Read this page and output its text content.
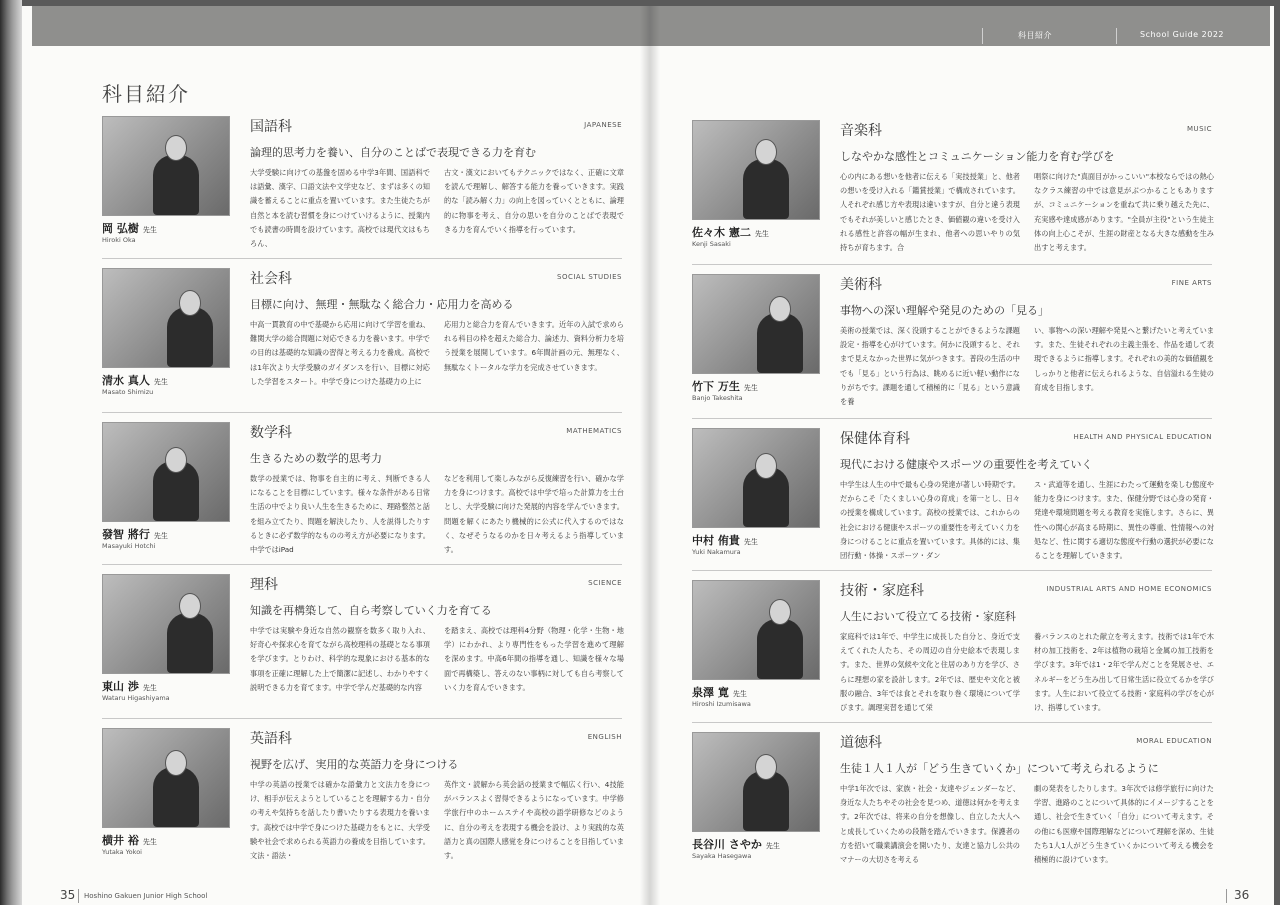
科目紹介
岡 弘樹 先生
Hiroki Oka
国語科	JAPANESE
論理的思考力を養い、自分のことばで表現できる力を育む
大学受験に向けての基盤を固める中学3年間、国語科では語彙、漢字、口語文法や文学史など、まずは多くの知識を蓄えることに重点を置いています。また生徒たちが自然と本を読む習慣を身につけていけるように、授業内でも読書の時間を設けています。高校では現代文はもちろん、
古文・漢文においてもテクニックではなく、正確に文章を読んで理解し、解答する能力を養っていきます。実践的な「読み解く力」の向上を図っていくとともに、論理的に物事を考え、自分の思いを自分のことばで表現できる力を育んでいく指導を行っています。
清水 真人 先生
Masato Shimizu
社会科	SOCIAL STUDIES
目標に向け、無理・無駄なく総合力・応用力を高める
中高一貫教育の中で基礎から応用に向けて学習を重ね、難関大学の総合問題に対応できる力を養います。中学での目的は基礎的な知識の習得と考える力を養成。高校では1年次より大学受験のガイダンスを行い、目標に対応した学習をスタート。中学で身につけた基礎力の上に
応用力と総合力を育んでいきます。近年の入試で求められる科目の枠を超えた総合力、論述力、資料分析力を培う授業を展開しています。6年間計画の元、無理なく、無駄なくトータルな学力を完成させていきます。
發智 將行 先生
Masayuki Hotchi
数学科	MATHEMATICS
生きるための数学的思考力
数学の授業では、物事を自主的に考え、判断できる人になることを目標にしています。様々な条件がある日常生活の中でより良い人生を生きるために、理路整然と話を組み立てたり、問題を解決したり、人を説得したりするときに必ず数学的なものの考え方が必要になります。中学ではiPad
などを利用して楽しみながら反復練習を行い、確かな学力を身につけます。高校では中学で培った計算力を土台とし、大学受験に向けた発展的内容を学んでいきます。問題を解くにあたり機械的に公式に代入するのではなく、なぜそうなるのかを日々考えるよう指導しています。
東山 渉 先生
Wataru Higashiyama
理科	SCIENCE
知識を再構築して、自ら考察していく力を育てる
中学では実験や身近な自然の観察を数多く取り入れ、好奇心や探求心を育てながら高校理科の基礎となる事項を学びます。とりわけ、科学的な現象における基本的な事項を正確に理解した上で簡潔に記述し、わかりやすく説明できる力を育てます。中学で学んだ基礎的な内容
を踏まえ、高校では理科4分野（物理・化学・生物・地学）にわかれ、より専門性をもった学習を進めて理解を深めます。中高6年間の指導を通し、知識を様々な場面で再構築し、答えのない事柄に対しても自ら考察していく力を育んでいきます。
横井 裕 先生
Yutaka Yokoi
英語科	ENGLISH
視野を広げ、実用的な英語力を身につける
中学の英語の授業では確かな語彙力と文法力を身につけ、相手が伝えようとしていることを理解する力・自分の考えや気持ちを話したり書いたりする表現力を養います。高校では中学で身につけた基礎力をもとに、大学受験や社会で求められる英語力の養成を目指しています。文法・語法・
英作文・読解から英会話の授業まで幅広く行い、4技能がバランスよく習得できるようになっています。中学修学旅行中のホームステイや高校の語学研修などのように、自分の考えを表現する機会を設け、より実践的な英語力と真の国際人感覚を身につけることを目指しています。
35 Hoshino Gakuen Junior High School
科目紹介	School Guide 2022
佐々木 憲二 先生
Kenji Sasaki
音楽科	MUSIC
しなやかな感性とコミュニケーション能力を育む学びを
心の内にある想いを他者に伝える「実技授業」と、他者の想いを受け入れる「鑑賞授業」で構成されています。人それぞれ感じ方や表現は違いますが、自分と違う表現でもそれが美しいと感じたとき、価値観の違いを受け入れる感性と許容の幅が生まれ、他者への思いやりの気持ちが育ちます。合
唱祭に向けた"真面目がかっこいい"本校ならではの熱心なクラス練習の中では意見がぶつかることもありますが、コミュニケーションを重ねて共に乗り越えた先に、充実感や達成感があります。"全員が主役"という生徒主体の向上心こそが、生涯の財産となる大きな感動を生み出すと考えます。
竹下 万生 先生
Banjo Takeshita
美術科	FINE ARTS
事物への深い理解や発見のための「見る」
美術の授業では、深く没頭することができるような課題設定・指導を心がけています。何かに没頭すると、それまで見えなかった世界に気がつきます。普段の生活の中でも「見る」という行為は、眺めるに近い軽い動作になりがちです。課題を通して積極的に「見る」という意識を養
い、事物への深い理解や発見へと繋げたいと考えています。また、生徒それぞれの主義主張を、作品を通して表現できるように指導します。それぞれの美的な価値観をしっかりと他者に伝えられるような、自信溢れる生徒の育成を目指します。
中村 侑貴 先生
Yuki Nakamura
保健体育科	HEALTH AND PHYSICAL EDUCATION
現代における健康やスポーツの重要性を考えていく
中学生は人生の中で最も心身の発達が著しい時期です。だからこそ「たくましい心身の育成」を第一とし、日々の授業を構成しています。高校の授業では、これからの社会における健康やスポーツの重要性を考えていく力を身につけることに重点を置いています。具体的には、集団行動・体操・スポーツ・ダン
ス・武道等を通し、生涯にわたって運動を楽しむ態度や能力を身につけます。また、保健分野では心身の発育・発達や環境問題を考える教育を実施します。さらに、異性への関心が高まる時期に、異性の尊重、性情報への対処など、性に関する適切な態度や行動の選択が必要になることを理解していきます。
泉澤 寛 先生
Hiroshi Izumisawa
技術・家庭科	INDUSTRIAL ARTS AND HOME ECONOMICS
人生において役立てる技術・家庭科
家庭科では1年で、中学生に成長した自分と、身近で支えてくれた人たち、その周辺の自分史絵本で表現します。また、世界の気候や文化と住居のあり方を学び、さらに理想の家を設計します。2年では、歴史や文化と被服の融合、3年では食とそれを取り巻く環境について学びます。調理実習を通じて栄
養バランスのとれた献立を考えます。技術では1年で木材の加工技術を、2年は植物の栽培と金属の加工技術を学びます。3年では1・2年で学んだことを発展させ、エネルギーをどう生み出して日常生活に役立てるかを学びます。人生において役立てる技術・家庭科の学びを心がけ、指導しています。
長谷川 さやか 先生
Sayaka Hasegawa
道徳科	MORAL EDUCATION
生徒１人１人が「どう生きていくか」について考えられるように
中学1年次では、家族・社会・友達やジェンダーなど、身近な人たちやその社会を見つめ、道徳は何かを考えます。2年次では、将来の自分を想像し、自立した大人へと成長していくための段階を踏んでいきます。保護者の方を招いて職業講演会を開いたり、友達と協力し公共のマナーの大切さを考える
劇の発表をしたりします。3年次では修学旅行に向けた学習、進路のことについて具体的にイメージすることを通し、社会で生きていく「自分」について考えます。その他にも医療や国際理解などについて理解を深め、生徒たち1人1人がどう生きていくかについて考える機会を積極的に設けています。
36
